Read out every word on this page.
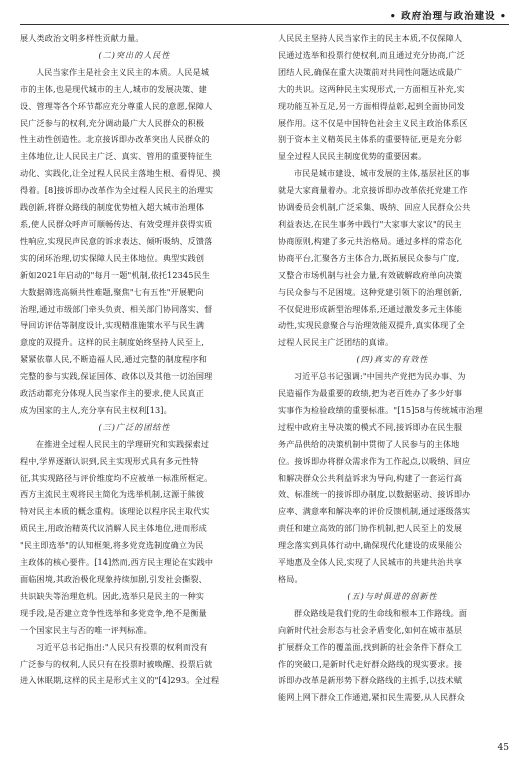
• 政府治理与政治建设 •
展人类政治文明多样性贡献力量。
(二)突出的人民性
人民当家作主是社会主义民主的本质。人民是城
市的主体,也是现代城市的主人,城市的发展决策、建
设、管理等各个环节都应充分尊重人民的意愿,保障人
民广泛参与的权利,充分调动最广大人民群众的积极
性主动性创造性。北京接诉即办改革突出人民群众的
主体地位,让人民民主广泛、真实、管用的重要特征生
动化、实践化,让全过程人民民主落地生根、看得见、摸
得着。[8]接诉即办改革作为全过程人民民主的治理实
践创新,将群众路线的制度优势植入超大城市治理体
系,使人民群众呼声可顺畅传达、有效受理并获得实质
性响应,实现民声民意的诉求表达、倾听吸纳、反馈落
实的闭环治理,切实保障人民主体地位。典型实践创
新如2021年启动的"每月一题"机制,依托12345民生
大数据筛选高频共性难题,聚焦"七有五性"开展靶向
治理,通过市级部门牵头负责、相关部门协同落实、督
导回访评估等制度设计,实现精准施策水平与民生满
意度的双提升。这样的民主制度始终坚持人民至上,
紧紧依靠人民,不断造福人民,通过完整的制度程序和
完整的参与实践,保证国体、政体以及其他一切治国理
政活动都充分体现人民当家作主的要求,使人民真正
成为国家的主人,充分享有民主权利[13]。
(三)广泛的团结性
在推进全过程人民民主的学理研究和实践探索过
程中,学界逐渐认识到,民主实现形式具有多元性特
征,其实现路径与评价维度均不应被单一标准所框定。
西方主流民主观将民主简化为选举机制,这源于熊彼
特对民主本质的概念重构。该理论以程序民主取代实
质民主,用政治精英代议消解人民主体地位,进而形成
"民主即选举"的认知框架,将多党竞选制度确立为民
主政体的核心要件。[14]然而,西方民主理论在实践中
面临困境,其政治极化现象持续加剧,引发社会撕裂、
共识缺失等治理危机。因此,选举只是民主的一种实
现手段,是否建立竞争性选举和多党竞争,绝不是衡量
一个国家民主与否的唯一评判标准。
习近平总书记指出:"人民只有投票的权利而没有
广泛参与的权利,人民只有在投票时被唤醒、投票后就
进入休眠期,这样的民主是形式主义的"[4]293。全过程
人民民主坚持人民当家作主的民主本质,不仅保障人
民通过选举和投票行使权利,而且通过充分协商,广泛
团结人民,确保在重大决策前对共同性问题达成最广
大的共识。这两种民主实现形式,一方面相互补充,实
现功能互补互足,另一方面相得益彰,起到全面协同发
展作用。这不仅是中国特色社会主义民主政治体系区
别于资本主义精英民主体系的重要特征,更是充分彰
显全过程人民民主制度优势的重要因素。
市民是城市建设、城市发展的主体,基层社区的事
就是大家商量着办。北京接诉即办改革依托党建工作
协调委员会机制,广泛采集、吸纳、回应人民群众公共
利益表达,在民生事务中践行"大家事大家议"的民主
协商原则,构建了多元共治格局。通过多样的常态化
协商平台,汇聚各方主体合力,既拓展民众参与广度,
又整合市场机制与社会力量,有效破解政府单向决策
与民众参与不足困境。这种党建引领下的治理创新,
不仅促进形成新型治理体系,还通过激发多元主体能
动性,实现民意聚合与治理效能双提升,真实体现了全
过程人民民主广泛团结的真谛。
(四)真实的有效性
习近平总书记强调:"中国共产党把为民办事、为
民造福作为最重要的政绩,把为老百姓办了多少好事
实事作为检验政绩的重要标准。"[15]58与传统城市治理
过程中政府主导决策的模式不同,接诉即办在民生服
务产品供给的决策机制中贯彻了人民参与的主体地
位。接诉即办将群众需求作为工作起点,以吸纳、回应
和解决群众公共利益诉求为导向,构建了一套运行高
效、标准统一的接诉即办制度,以数据驱动、接诉即办
应率、满意率和解决率的评价反馈机制,通过逐级落实
责任和建立高效的部门协作机制,把人民至上的发展
理念落实到具体行动中,确保现代化建设的成果能公
平地惠及全体人民,实现了人民城市的共建共治共享
格局。
(五)与时俱进的创新性
群众路线是我们党的生命线和根本工作路线。面
向新时代社会形态与社会矛盾变化,如何在城市基层
扩展群众工作的覆盖面,找到新的社会条件下群众工
作的突破口,是新时代走好群众路线的现实要求。接
诉即办改革是新形势下群众路线的主抓手,以技术赋
能网上网下群众工作通道,紧扣民生需要,从人民群众
45
